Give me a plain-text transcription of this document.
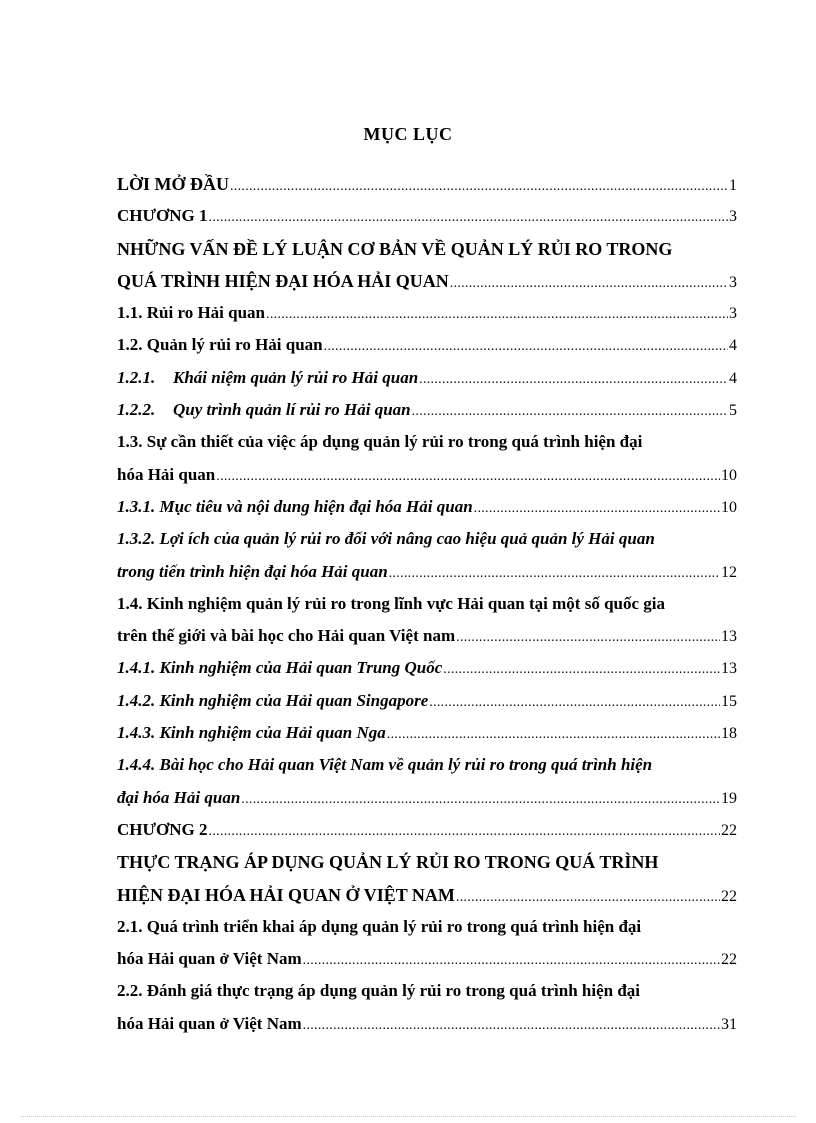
MỤC LỤC
LỜI MỞ ĐẦU .....	1
CHƯƠNG 1 .....	3
NHỮNG VẤN ĐỀ LÝ LUẬN CƠ BẢN VỀ QUẢN LÝ RỦI RO TRONG
QUÁ TRÌNH HIỆN ĐẠI HÓA HẢI QUAN .....	3
1.1. Rủi ro Hải quan .....	3
1.2. Quản lý rủi ro Hải quan .....	4
1.2.1. Khái niệm quản lý rủi ro Hải quan .....	4
1.2.2. Quy trình quản lí rủi ro Hải quan .....	5
1.3. Sự cần thiết của việc áp dụng quản lý rủi ro trong quá trình hiện đại
hóa Hải quan .....	10
1.3.1. Mục tiêu và nội dung hiện đại hóa Hải quan .....	10
1.3.2. Lợi ích của quản lý rủi ro đối với nâng cao hiệu quả quản lý Hải quan
trong tiến trình hiện đại hóa Hải quan .....	12
1.4. Kinh nghiệm quản lý rủi ro trong lĩnh vực Hải quan tại một số quốc gia
trên thế giới và bài học cho Hải quan Việt nam .....	13
1.4.1. Kinh nghiệm của Hải quan Trung Quốc .....	13
1.4.2. Kinh nghiệm của Hải quan Singapore .....	15
1.4.3. Kinh nghiệm của Hải quan Nga .....	18
1.4.4. Bài học cho Hải quan Việt Nam về quản lý rủi ro trong quá trình hiện
đại hóa Hải quan .....	19
CHƯƠNG 2 .....	22
THỰC TRẠNG ÁP DỤNG QUẢN LÝ RỦI RO TRONG QUÁ TRÌNH
HIỆN ĐẠI HÓA HẢI QUAN Ở VIỆT NAM .....	22
2.1. Quá trình triển khai áp dụng quản lý rủi ro trong quá trình hiện đại
hóa Hải quan ở Việt Nam .....	22
2.2. Đánh giá thực trạng áp dụng quản lý rủi ro trong quá trình hiện đại
hóa Hải quan ở Việt Nam .....	31
